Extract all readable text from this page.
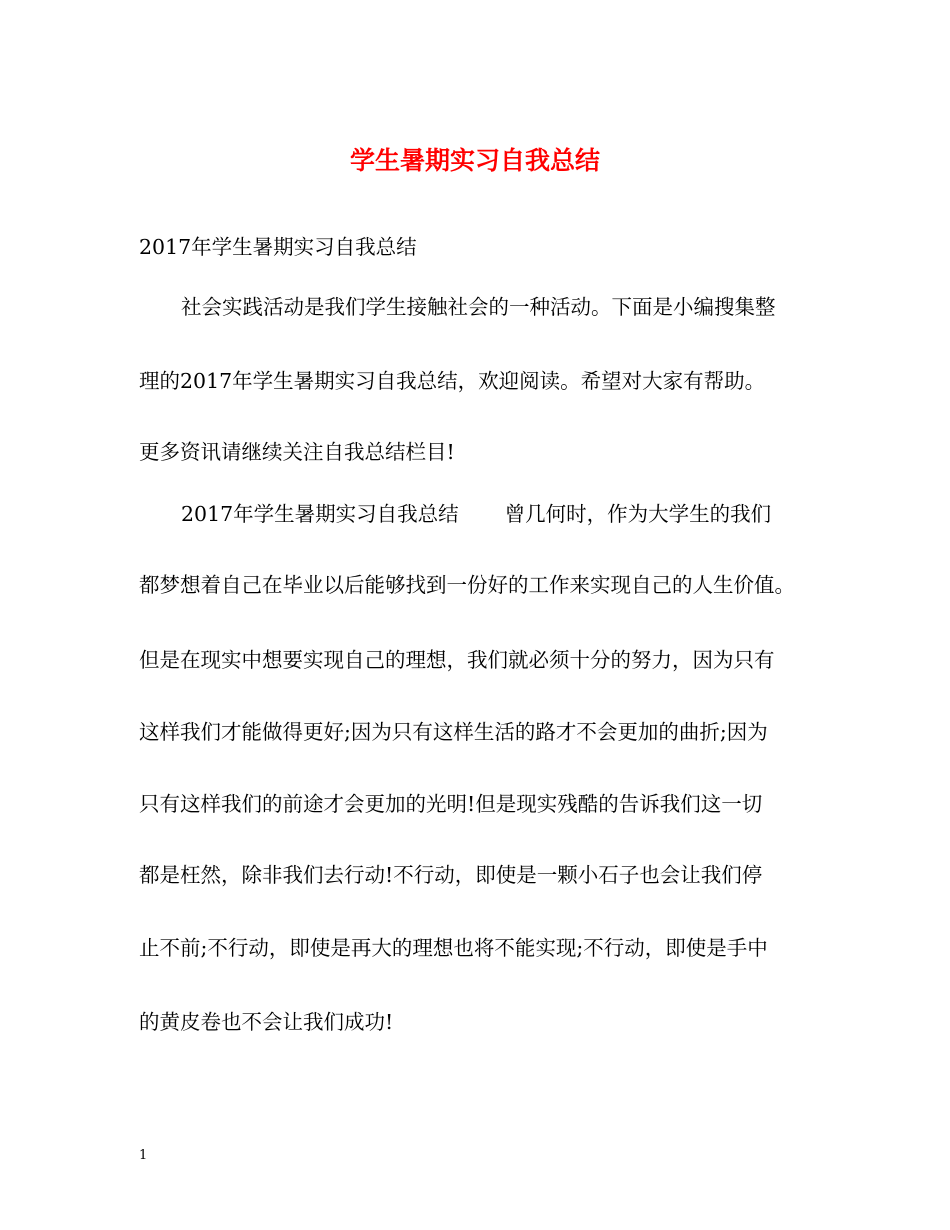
学生暑期实习自我总结
2017年学生暑期实习自我总结
社会实践活动是我们学生接触社会的一种活动。下面是小编搜集整
理的2017年学生暑期实习自我总结，欢迎阅读。希望对大家有帮助。
更多资讯请继续关注自我总结栏目!
2017年学生暑期实习自我总结 曾几何时，作为大学生的我们
都梦想着自己在毕业以后能够找到一份好的工作来实现自己的人生价值。
但是在现实中想要实现自己的理想，我们就必须十分的努力，因为只有
这样我们才能做得更好;因为只有这样生活的路才不会更加的曲折;因为
只有这样我们的前途才会更加的光明!但是现实残酷的告诉我们这一切
都是枉然，除非我们去行动!不行动，即使是一颗小石子也会让我们停
止不前;不行动，即使是再大的理想也将不能实现;不行动，即使是手中
的黄皮卷也不会让我们成功!
1
